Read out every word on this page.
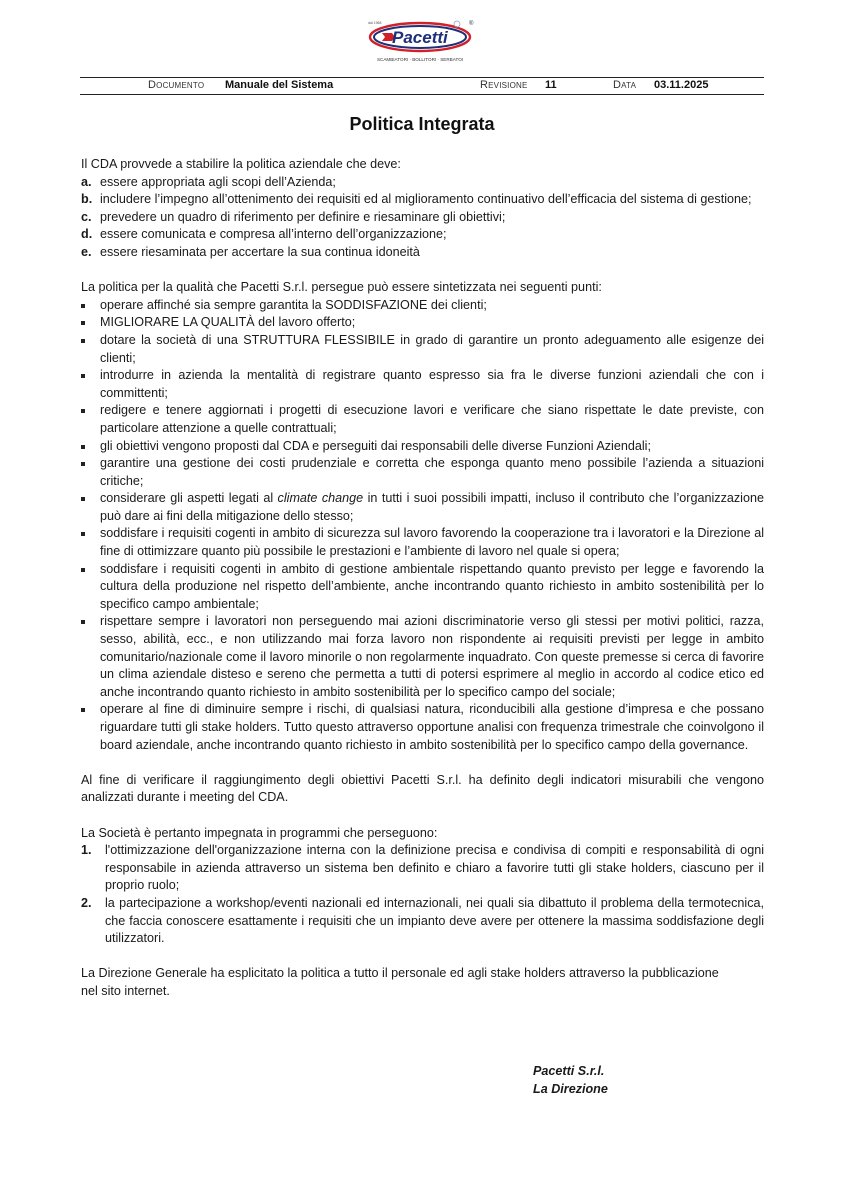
Pacetti
dal 1968	®
SCAMBIATORI · BOLLITORI · SERBATOI
Documento Manuale del Sistema	Revisione 11	Data 03.11.2025
Politica Integrata

Il CDA provvede a stabilire la politica aziendale che deve:

a. essere appropriata agli scopi dell’Azienda;
b. includere l’impegno all’ottenimento dei requisiti ed al miglioramento continuativo dell’efficacia del sistema di gestione;
c. prevedere un quadro di riferimento per definire e riesaminare gli obiettivi;
d. essere comunicata e compresa all’interno dell’organizzazione;
e. essere riesaminata per accertare la sua continua idoneità

La politica per la qualità che Pacetti S.r.l. persegue può essere sintetizzata nei seguenti punti:

operare affinché sia sempre garantita la SODDISFAZIONE dei clienti;
MIGLIORARE LA QUALITÀ del lavoro offerto;
dotare la società di una STRUTTURA FLESSIBILE in grado di garantire un pronto adeguamento alle esigenze dei clienti;
introdurre in azienda la mentalità di registrare quanto espresso sia fra le diverse funzioni aziendali che con i committenti;
redigere e tenere aggiornati i progetti di esecuzione lavori e verificare che siano rispettate le date previste, con particolare attenzione a quelle contrattuali;
gli obiettivi vengono proposti dal CDA e perseguiti dai responsabili delle diverse Funzioni Aziendali;
garantire una gestione dei costi prudenziale e corretta che esponga quanto meno possibile l’azienda a situazioni critiche;
considerare gli aspetti legati al climate change in tutti i suoi possibili impatti, incluso il contributo che l’organizzazione può dare ai fini della mitigazione dello stesso;
soddisfare i requisiti cogenti in ambito di sicurezza sul lavoro favorendo la cooperazione tra i lavoratori e la Direzione al fine di ottimizzare quanto più possibile le prestazioni e l’ambiente di lavoro nel quale si opera;
soddisfare i requisiti cogenti in ambito di gestione ambientale rispettando quanto previsto per legge e favorendo la cultura della produzione nel rispetto dell’ambiente, anche incontrando quanto richiesto in ambito sostenibilità per lo specifico campo ambientale;
rispettare sempre i lavoratori non perseguendo mai azioni discriminatorie verso gli stessi per motivi politici, razza, sesso, abilità, ecc., e non utilizzando mai forza lavoro non rispondente ai requisiti previsti per legge in ambito comunitario/nazionale come il lavoro minorile o non regolarmente inquadrato. Con queste premesse si cerca di favorire un clima aziendale disteso e sereno che permetta a tutti di potersi esprimere al meglio in accordo al codice etico ed anche incontrando quanto richiesto in ambito sostenibilità per lo specifico campo del sociale;
operare al fine di diminuire sempre i rischi, di qualsiasi natura, riconducibili alla gestione d’impresa e che possano riguardare tutti gli stake holders. Tutto questo attraverso opportune analisi con frequenza trimestrale che coinvolgono il board aziendale, anche incontrando quanto richiesto in ambito sostenibilità per lo specifico campo della governance.

Al fine di verificare il raggiungimento degli obiettivi Pacetti S.r.l. ha definito degli indicatori misurabili che vengono analizzati durante i meeting del CDA.

La Società è pertanto impegnata in programmi che perseguono:

1. l'ottimizzazione dell'organizzazione interna con la definizione precisa e condivisa di compiti e responsabilità di ogni responsabile in azienda attraverso un sistema ben definito e chiaro a favorire tutti gli stake holders, ciascuno per il proprio ruolo;
2. la partecipazione a workshop/eventi nazionali ed internazionali, nei quali sia dibattuto il problema della termotecnica, che faccia conoscere esattamente i requisiti che un impianto deve avere per ottenere la massima soddisfazione degli utilizzatori.

La Direzione Generale ha esplicitato la politica a tutto il personale ed agli stake holders attraverso la pubblicazione nel sito internet.

Pacetti S.r.l.
La Direzione
